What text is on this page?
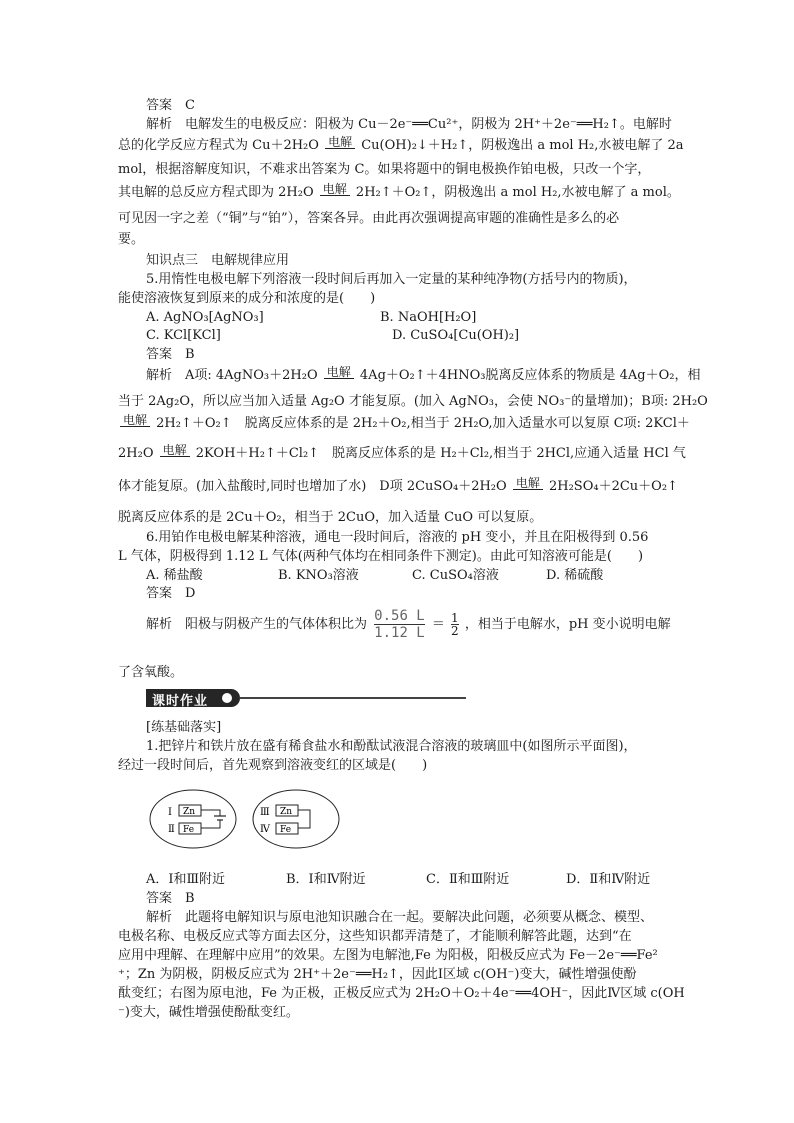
答案　C
解析　电解发生的电极反应：阳极为 Cu－2e⁻══Cu²⁺，阴极为 2H⁺＋2e⁻══H₂↑。电解时
总的化学反应方程式为 Cu＋2H₂O 电解 Cu(OH)₂↓＋H₂↑，阴极逸出 a mol H₂,水被电解了 2a
mol，根据溶解度知识，不难求出答案为 C。如果将题中的铜电极换作铂电极，只改一个字，
其电解的总反应方程式即为 2H₂O 电解 2H₂↑＋O₂↑，阴极逸出 a mol H₂,水被电解了 a mol。
可见因一字之差（“铜”与“铂”），答案各异。由此再次强调提高审题的准确性是多么的必
要。
知识点三　电解规律应用
5.用惰性电极电解下列溶液一段时间后再加入一定量的某种纯净物(方括号内的物质)，
能使溶液恢复到原来的成分和浓度的是(　　)
A. AgNO₃[AgNO₃]	B. NaOH[H₂O]
C. KCl[KCl]	D. CuSO₄[Cu(OH)₂]
答案　B
解析　A项: 4AgNO₃＋2H₂O 电解 4Ag＋O₂↑＋4HNO₃脱离反应体系的物质是 4Ag＋O₂，相
当于 2Ag₂O，所以应当加入适量 Ag₂O 才能复原。(加入 AgNO₃，会使 NO₃⁻的量增加)；B项: 2H₂O
电解 2H₂↑＋O₂↑　脱离反应体系的是 2H₂＋O₂,相当于 2H₂O,加入适量水可以复原 C项: 2KCl＋
2H₂O 电解 2KOH＋H₂↑＋Cl₂↑　脱离反应体系的是 H₂＋Cl₂,相当于 2HCl,应通入适量 HCl 气
体才能复原。(加入盐酸时,同时也增加了水)　D项 2CuSO₄＋2H₂O 电解 2H₂SO₄＋2Cu＋O₂↑
脱离反应体系的是 2Cu＋O₂，相当于 2CuO，加入适量 CuO 可以复原。
6.用铂作电极电解某种溶液，通电一段时间后，溶液的 pH 变小，并且在阳极得到 0.56
L 气体，阴极得到 1.12 L 气体(两种气体均在相同条件下测定)。由此可知溶液可能是(　　)
A. 稀盐酸	B. KNO₃溶液	C. CuSO₄溶液	D. 稀硫酸
答案　D
解析　阳极与阴极产生的气体体积比为 $\frac{0.56 L}{1.12 L} = \frac{1}{2}$ ，相当于电解水，pH 变小说明电解
了含氧酸。
课时作业
[练基础落实]
1.把锌片和铁片放在盛有稀食盐水和酚酞试液混合溶液的玻璃皿中(如图所示平面图)，
经过一段时间后，首先观察到溶液变红的区域是(　　)
Ⅰ
Ⅱ
Zn
Fe
Ⅲ
Ⅳ
Zn
Fe
A．Ⅰ和Ⅲ附近	B．Ⅰ和Ⅳ附近	C．Ⅱ和Ⅲ附近	D．Ⅱ和Ⅳ附近
答案　B
解析　此题将电解知识与原电池知识融合在一起。要解决此问题，必须要从概念、模型、
电极名称、电极反应式等方面去区分，这些知识都弄清楚了，才能顺利解答此题，达到“在
应用中理解、在理解中应用”的效果。左图为电解池,Fe 为阳极，阳极反应式为 Fe－2e⁻══Fe²
⁺；Zn 为阴极，阴极反应式为 2H⁺＋2e⁻══H₂↑，因此Ⅰ区域 c(OH⁻)变大，碱性增强使酚
酞变红；右图为原电池，Fe 为正极，正极反应式为 2H₂O＋O₂＋4e⁻══4OH⁻，因此Ⅳ区域 c(OH
⁻)变大，碱性增强使酚酞变红。
